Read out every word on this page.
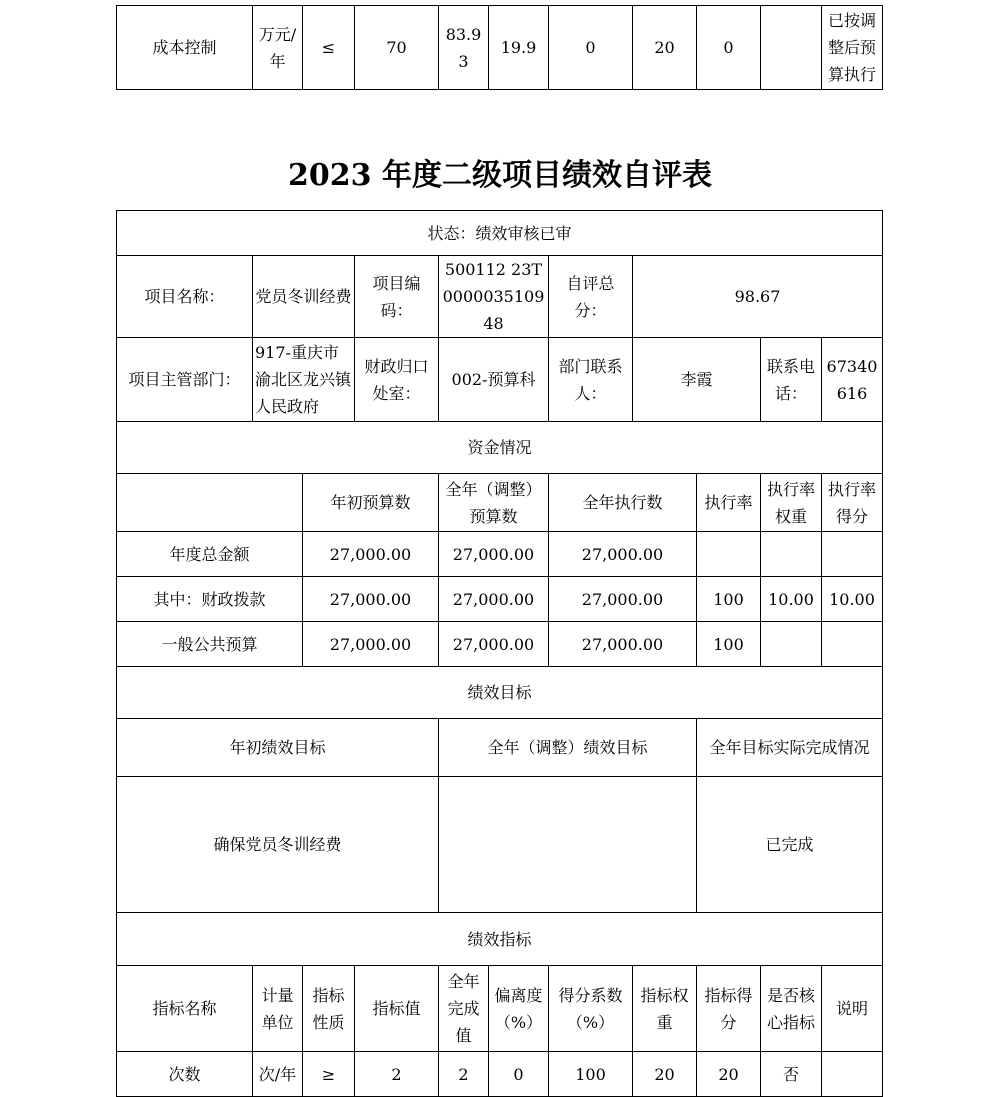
成本控制	万元/年	≤	70	83.93	19.9	0	20	0		已按调整后预算执行
2023 年度二级项目绩效自评表
状态：绩效审核已审										
项目名称：	党员冬训经费		项目编码：	500112 23T000003510948		自评总分：	98.67			
项目主管部门：	917-重庆市渝北区龙兴镇人民政府		财政归口处室：	002-预算科		部门联系人：	李霞		联系电话：	67340616
资金情况										
		年初预算数		全年（调整）预算数		全年执行数		执行率	执行率权重	执行率得分
年度总金额		27,000.00		27,000.00		27,000.00				
其中：财政拨款		27,000.00		27,000.00		27,000.00		100	10.00	10.00
一般公共预算		27,000.00		27,000.00		27,000.00		100		
绩效目标										
年初绩效目标				全年（调整）绩效目标				全年目标实际完成情况		
确保党员冬训经费								已完成		
绩效指标										
指标名称	计量单位	指标性质	指标值	全年完成值	偏离度（%）	得分系数（%）	指标权重	指标得分	是否核心指标	说明
次数	次/年	≥	2	2	0	100	20	20	否	
